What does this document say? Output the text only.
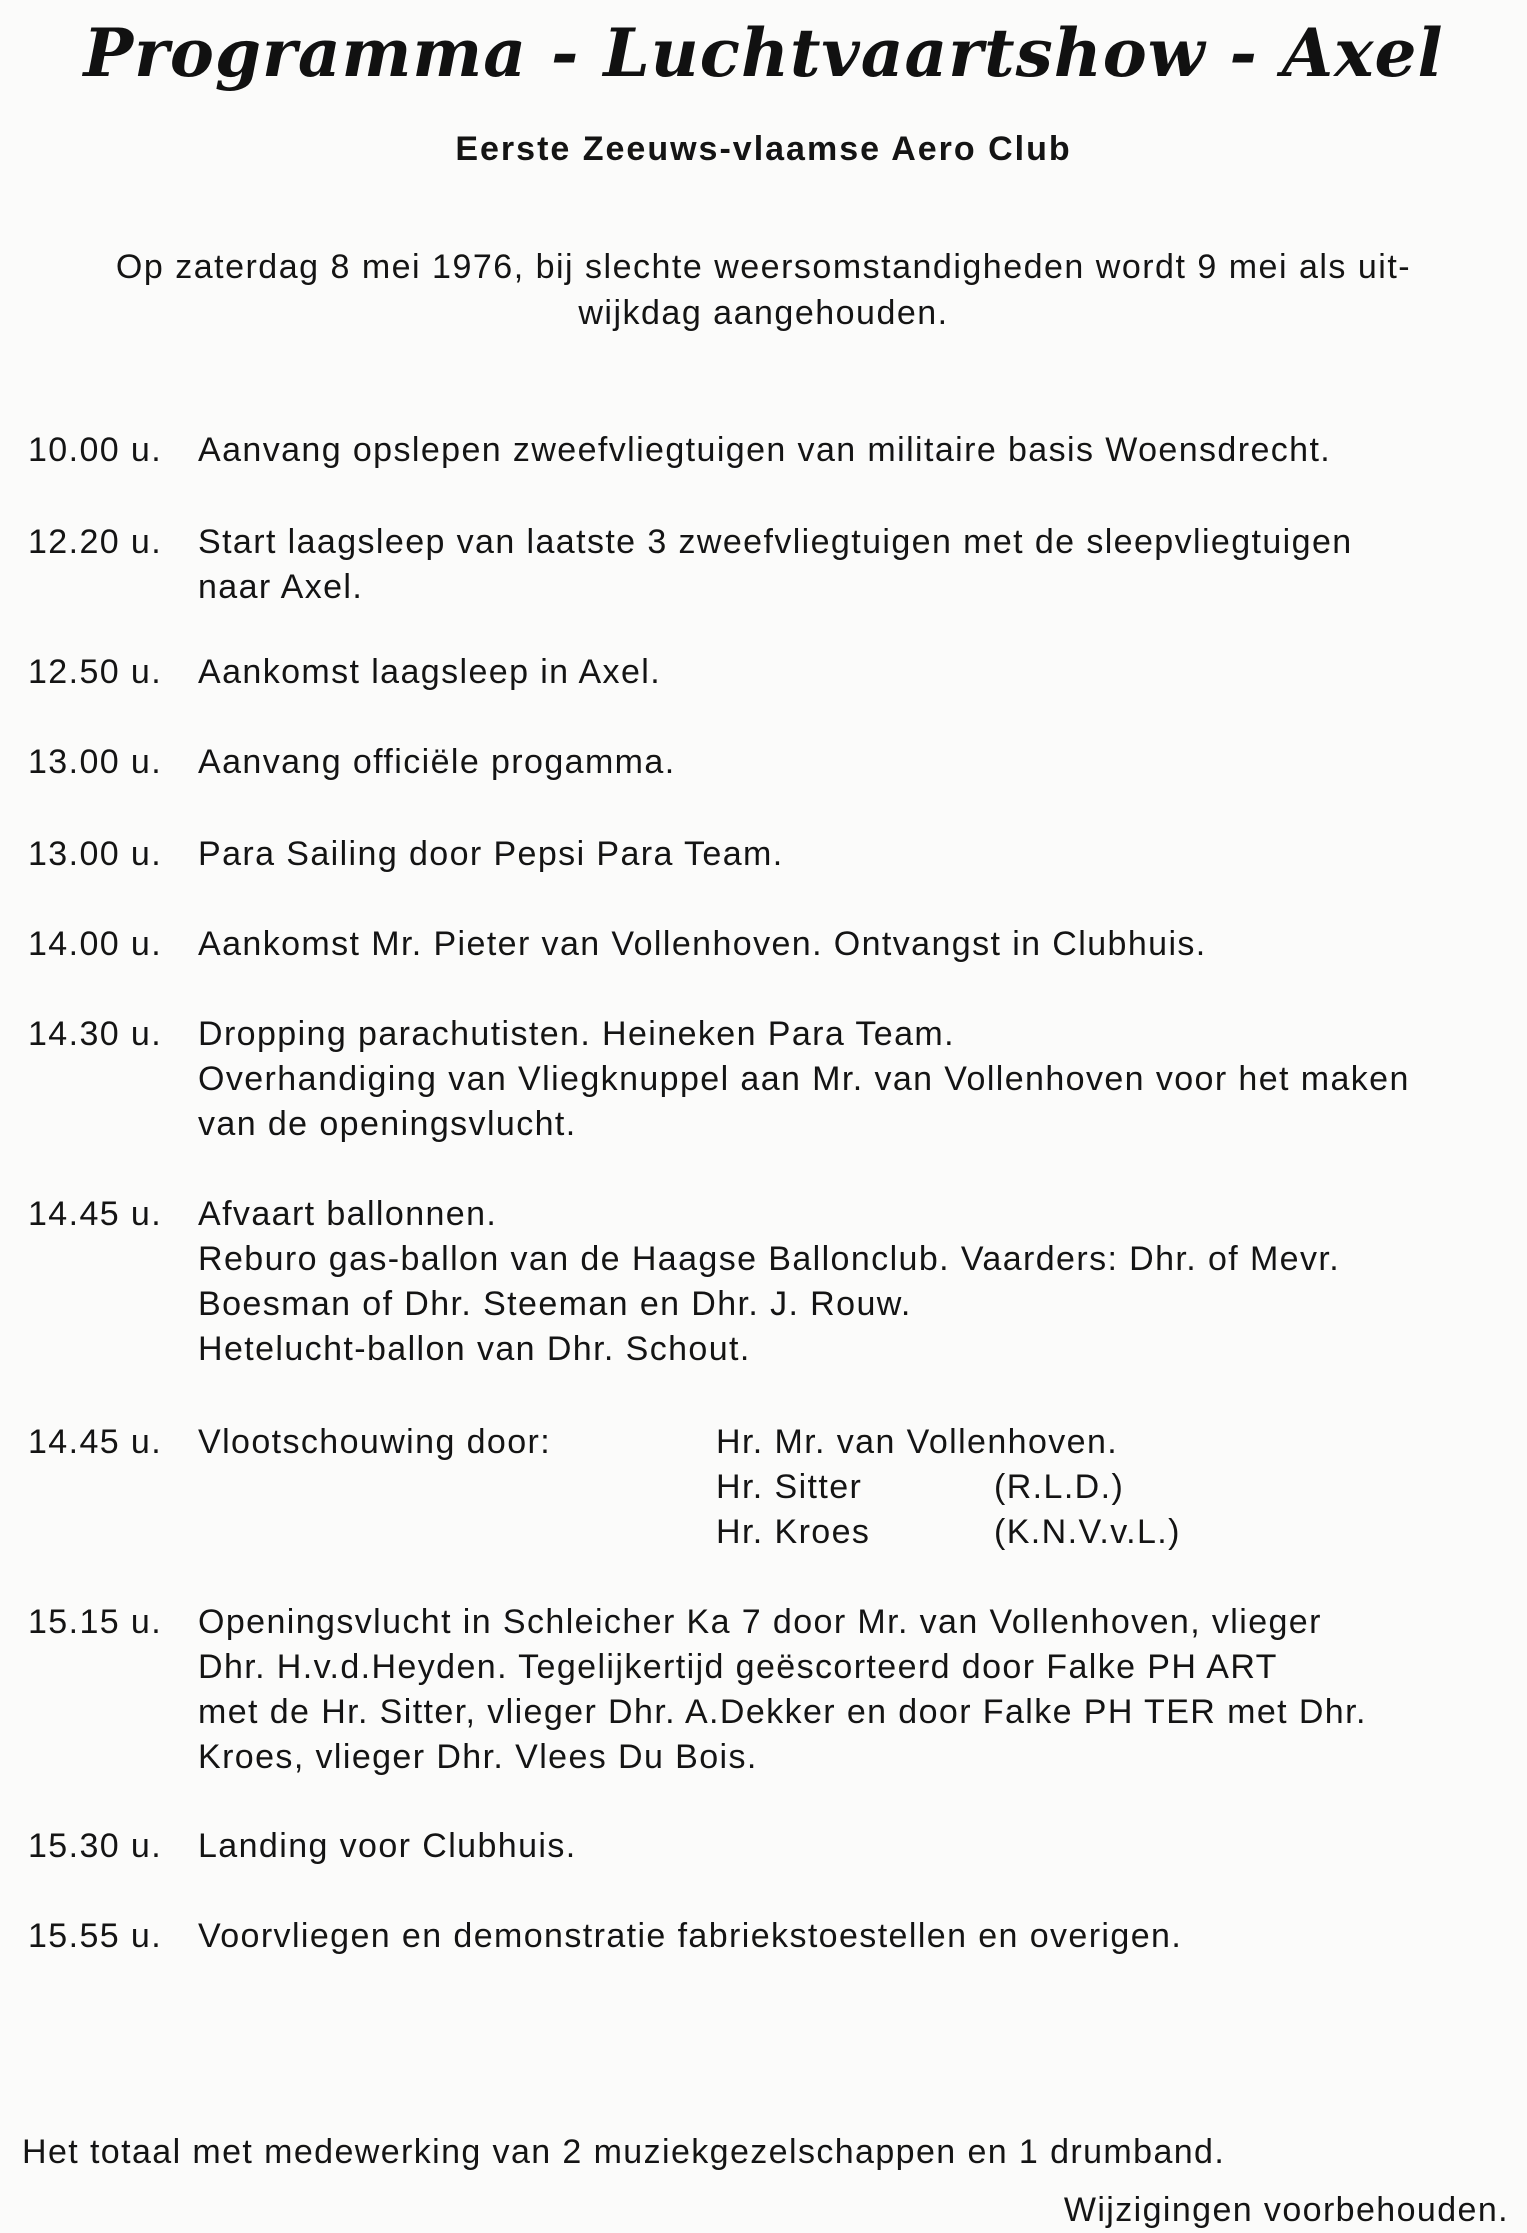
Programma - Luchtvaartshow - Axel
Eerste Zeeuws-vlaamse Aero Club
Op zaterdag 8 mei 1976, bij slechte weersomstandigheden wordt 9 mei als uit-
wijkdag aangehouden.
10.00 u. Aanvang opslepen zweefvliegtuigen van militaire basis Woensdrecht.
12.20 u. Start laagsleep van laatste 3 zweefvliegtuigen met de sleepvliegtuigen
naar Axel.
12.50 u. Aankomst laagsleep in Axel.
13.00 u. Aanvang officiële progamma.
13.00 u. Para Sailing door Pepsi Para Team.
14.00 u. Aankomst Mr. Pieter van Vollenhoven. Ontvangst in Clubhuis.
14.30 u. Dropping parachutisten. Heineken Para Team.
Overhandiging van Vliegknuppel aan Mr. van Vollenhoven voor het maken
van de openingsvlucht.
14.45 u. Afvaart ballonnen.
Reburo gas-ballon van de Haagse Ballonclub. Vaarders: Dhr. of Mevr.
Boesman of Dhr. Steeman en Dhr. J. Rouw.
Hetelucht-ballon van Dhr. Schout.
14.45 u. Vlootschouwing door:	Hr. Mr. van Vollenhoven.
Hr. Sitter	(R.L.D.)
Hr. Kroes	(K.N.V.v.L.)
15.15 u. Openingsvlucht in Schleicher Ka 7 door Mr. van Vollenhoven, vlieger
Dhr. H.v.d.Heyden. Tegelijkertijd geëscorteerd door Falke PH ART
met de Hr. Sitter, vlieger Dhr. A.Dekker en door Falke PH TER met Dhr.
Kroes, vlieger Dhr. Vlees Du Bois.
15.30 u. Landing voor Clubhuis.
15.55 u. Voorvliegen en demonstratie fabriekstoestellen en overigen.
Het totaal met medewerking van 2 muziekgezelschappen en 1 drumband.
Wijzigingen voorbehouden.
